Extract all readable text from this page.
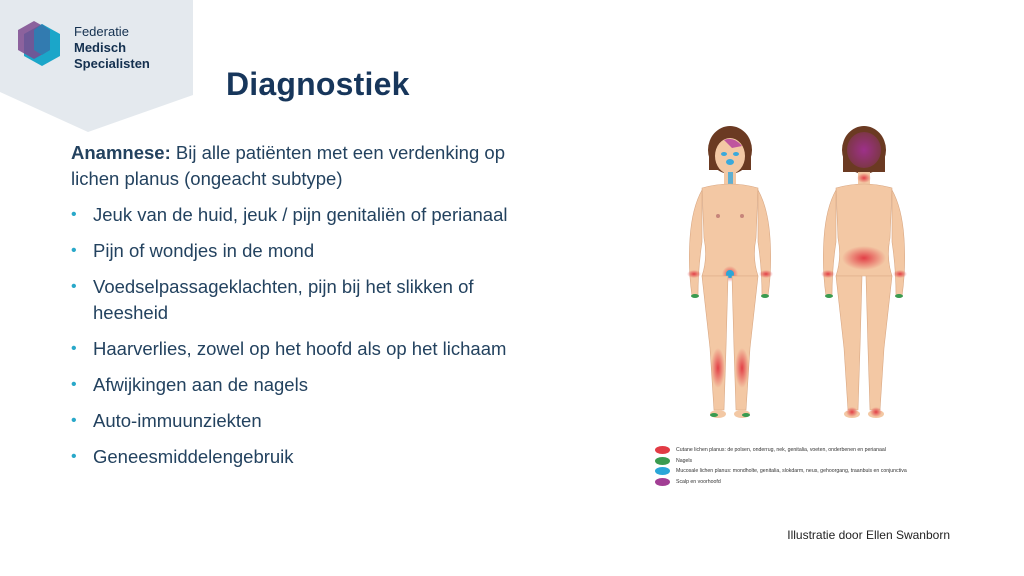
Federatie
Medisch
Specialisten
Diagnostiek

Anamnese: Bij alle patiënten met een verdenking op lichen planus (ongeacht subtype)

• Jeuk van de huid, jeuk / pijn genitaliën of perianaal
• Pijn of wondjes in de mond
• Voedselpassageklachten, pijn bij het slikken of heesheid
• Haarverlies, zowel op het hoofd als op het lichaam
• Afwijkingen aan de nagels
• Auto-immuunziekten
• Geneesmiddelengebruik	Cutane lichen planus: de polsen, onderrug, nek, genitalia, voeten, onderbenen en perianaal
Nagels
Mucosale lichen planus: mondholte, genitalia, slokdarm, neus, gehoorgang, traanbuis en conjunctiva
Scalp en voorhoofd
Illustratie door Ellen Swanborn
